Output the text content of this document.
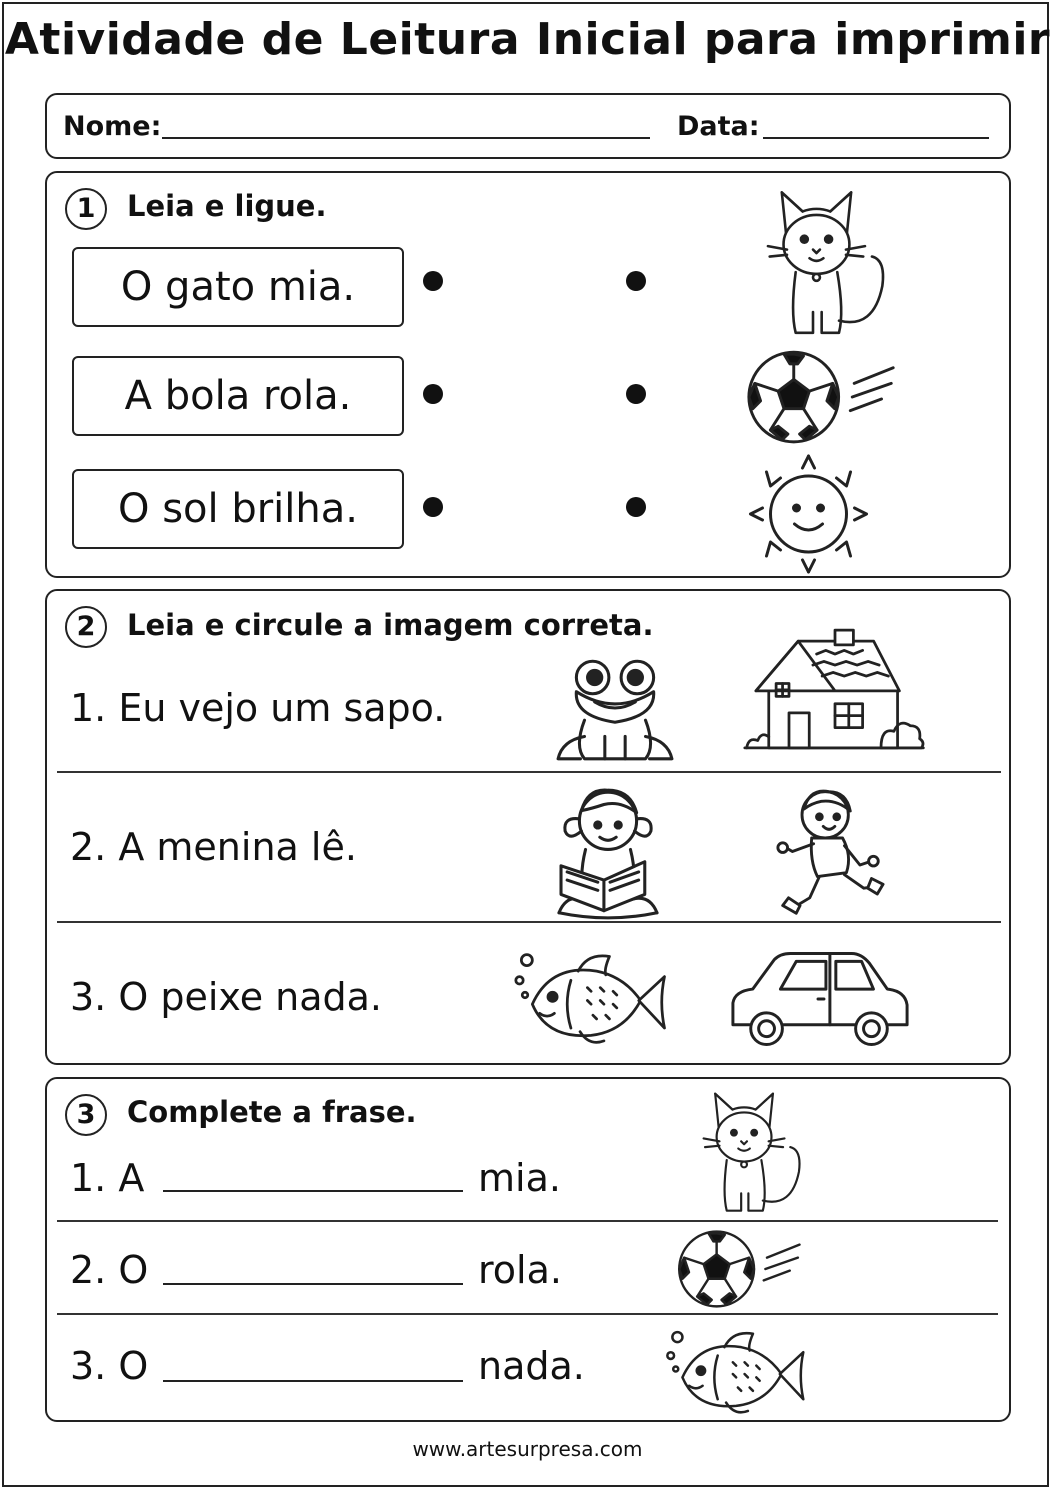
Atividade de Leitura Inicial para imprimir
Nome:	Data:
1	Leia e ligue.
O gato mia.
A bola rola.
O sol brilha.
2	Leia e circule a imagem correta.
1. Eu vejo um sapo.
2. A menina lê.
3. O peixe nada.
3	Complete a frase.
1. A	mia.
2. O	rola.
3. O	nada.
www.artesurpresa.com
